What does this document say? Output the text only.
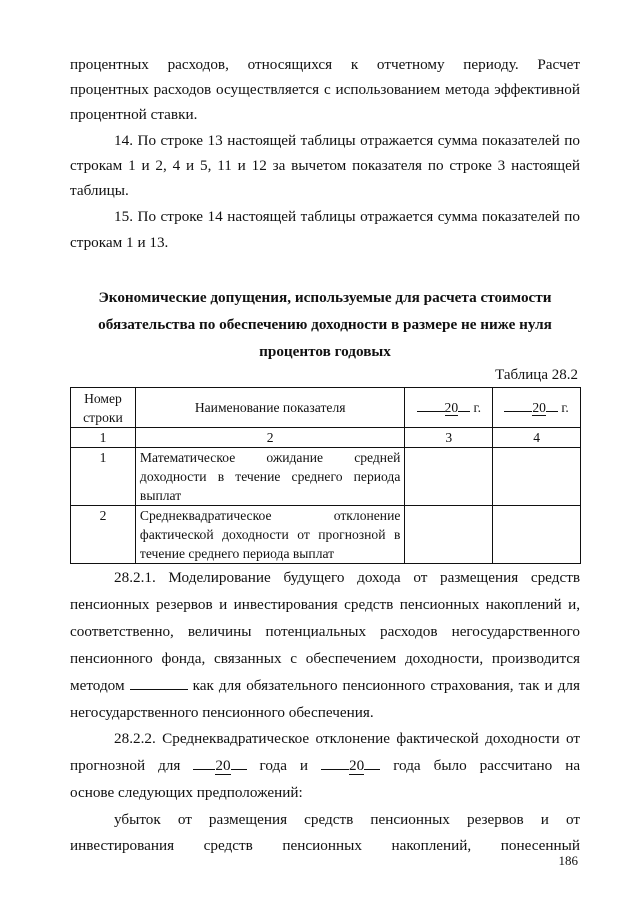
процентных расходов, относящихся к отчетному периоду. Расчет

процентных расходов осуществляется с использованием метода эффективной

процентной ставки.

14. По строке 13 настоящей таблицы отражается сумма показателей по

строкам 1 и 2, 4 и 5, 11 и 12 за вычетом показателя по строке 3 настоящей

таблицы.

15. По строке 14 настоящей таблицы отражается сумма показателей по

строкам 1 и 13.

Экономические допущения, используемые для расчета стоимости
обязательства по обеспечению доходности в размере не ниже нуля
процентов годовых
Таблица 28.2
Номер
строки	Наименование показателя	20 г.	20 г.
1	2	3	4
1	Математическое ожидание средней
доходности в течение среднего периода
выплат		

2	Среднеквадратическое отклонение
фактической доходности от прогнозной в
течение среднего периода выплат		

28.2.1. Моделирование будущего дохода от размещения средств

пенсионных резервов и инвестирования средств пенсионных накоплений и,

соответственно, величины потенциальных расходов негосударственного

пенсионного фонда, связанных с обеспечением доходности, производится

методом	как для обязательного пенсионного страхования, так и для

негосударственного пенсионного обеспечения.

28.2.2. Среднеквадратическое отклонение фактической доходности от

прогнозной для 20 года и	20 года было рассчитано на

основе следующих предположений:

убыток от размещения средств пенсионных резервов и от

инвестирования средств пенсионных накоплений, понесенный

186
